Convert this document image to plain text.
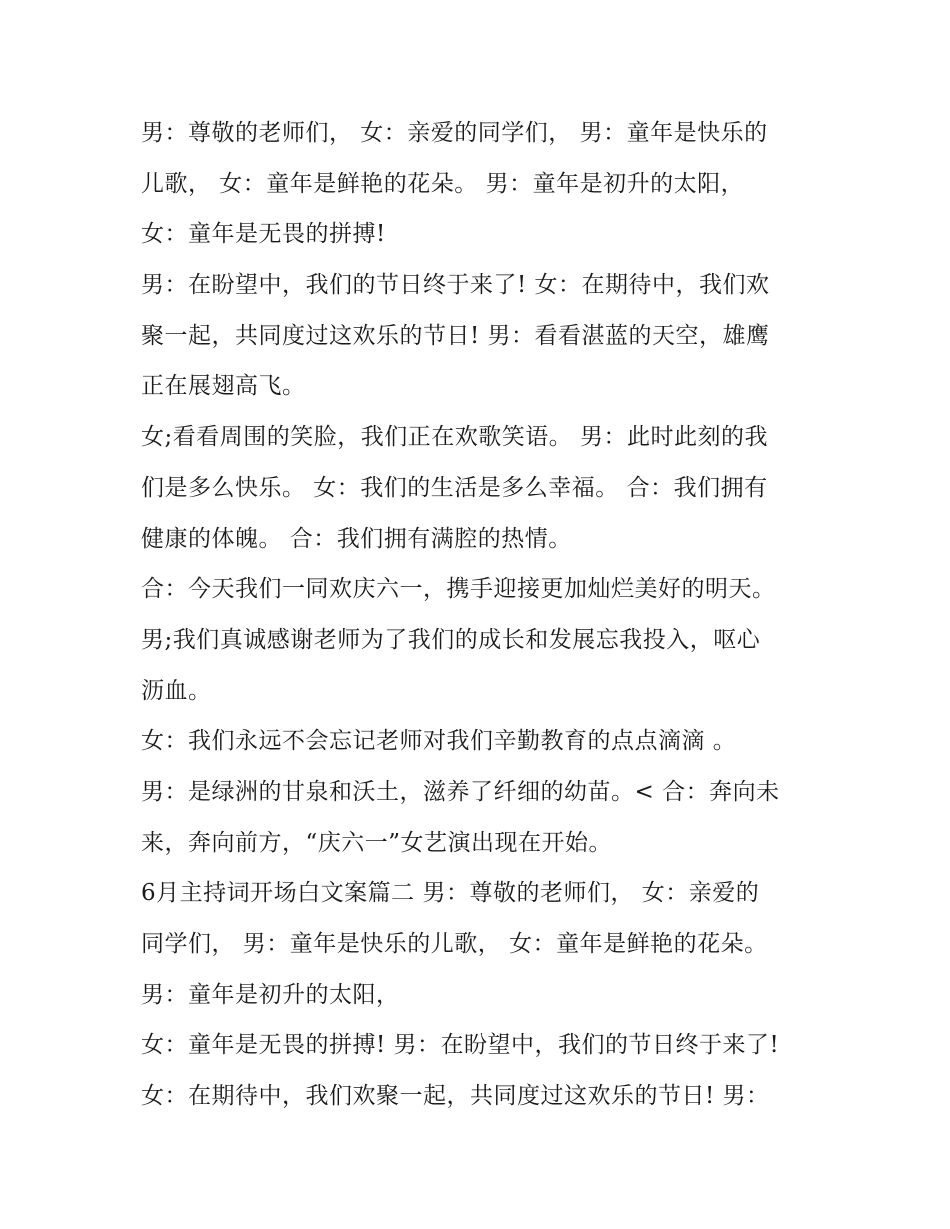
男：尊敬的老师们， 女：亲爱的同学们， 男：童年是快乐的
儿歌， 女：童年是鲜艳的花朵。 男：童年是初升的太阳，
女：童年是无畏的拼搏!
男：在盼望中，我们的节日终于来了! 女：在期待中，我们欢
聚一起，共同度过这欢乐的节日! 男：看看湛蓝的天空，雄鹰
正在展翅高飞。
女;看看周围的笑脸，我们正在欢歌笑语。 男：此时此刻的我
们是多么快乐。 女：我们的生活是多么幸福。 合：我们拥有
健康的体魄。 合：我们拥有满腔的热情。
合：今天我们一同欢庆六一，携手迎接更加灿烂美好的明天。
男;我们真诚感谢老师为了我们的成长和发展忘我投入，呕心
沥血。
女：我们永远不会忘记老师对我们辛勤教育的点点滴滴 。
男：是绿洲的甘泉和沃土，滋养了纤细的幼苗。< 合：奔向未
来，奔向前方，“庆六一”女艺演出现在开始。
6月主持词开场白文案篇二 男：尊敬的老师们， 女：亲爱的
同学们， 男：童年是快乐的儿歌， 女：童年是鲜艳的花朵。
男：童年是初升的太阳，
女：童年是无畏的拼搏! 男：在盼望中，我们的节日终于来了!
女：在期待中，我们欢聚一起，共同度过这欢乐的节日! 男：
